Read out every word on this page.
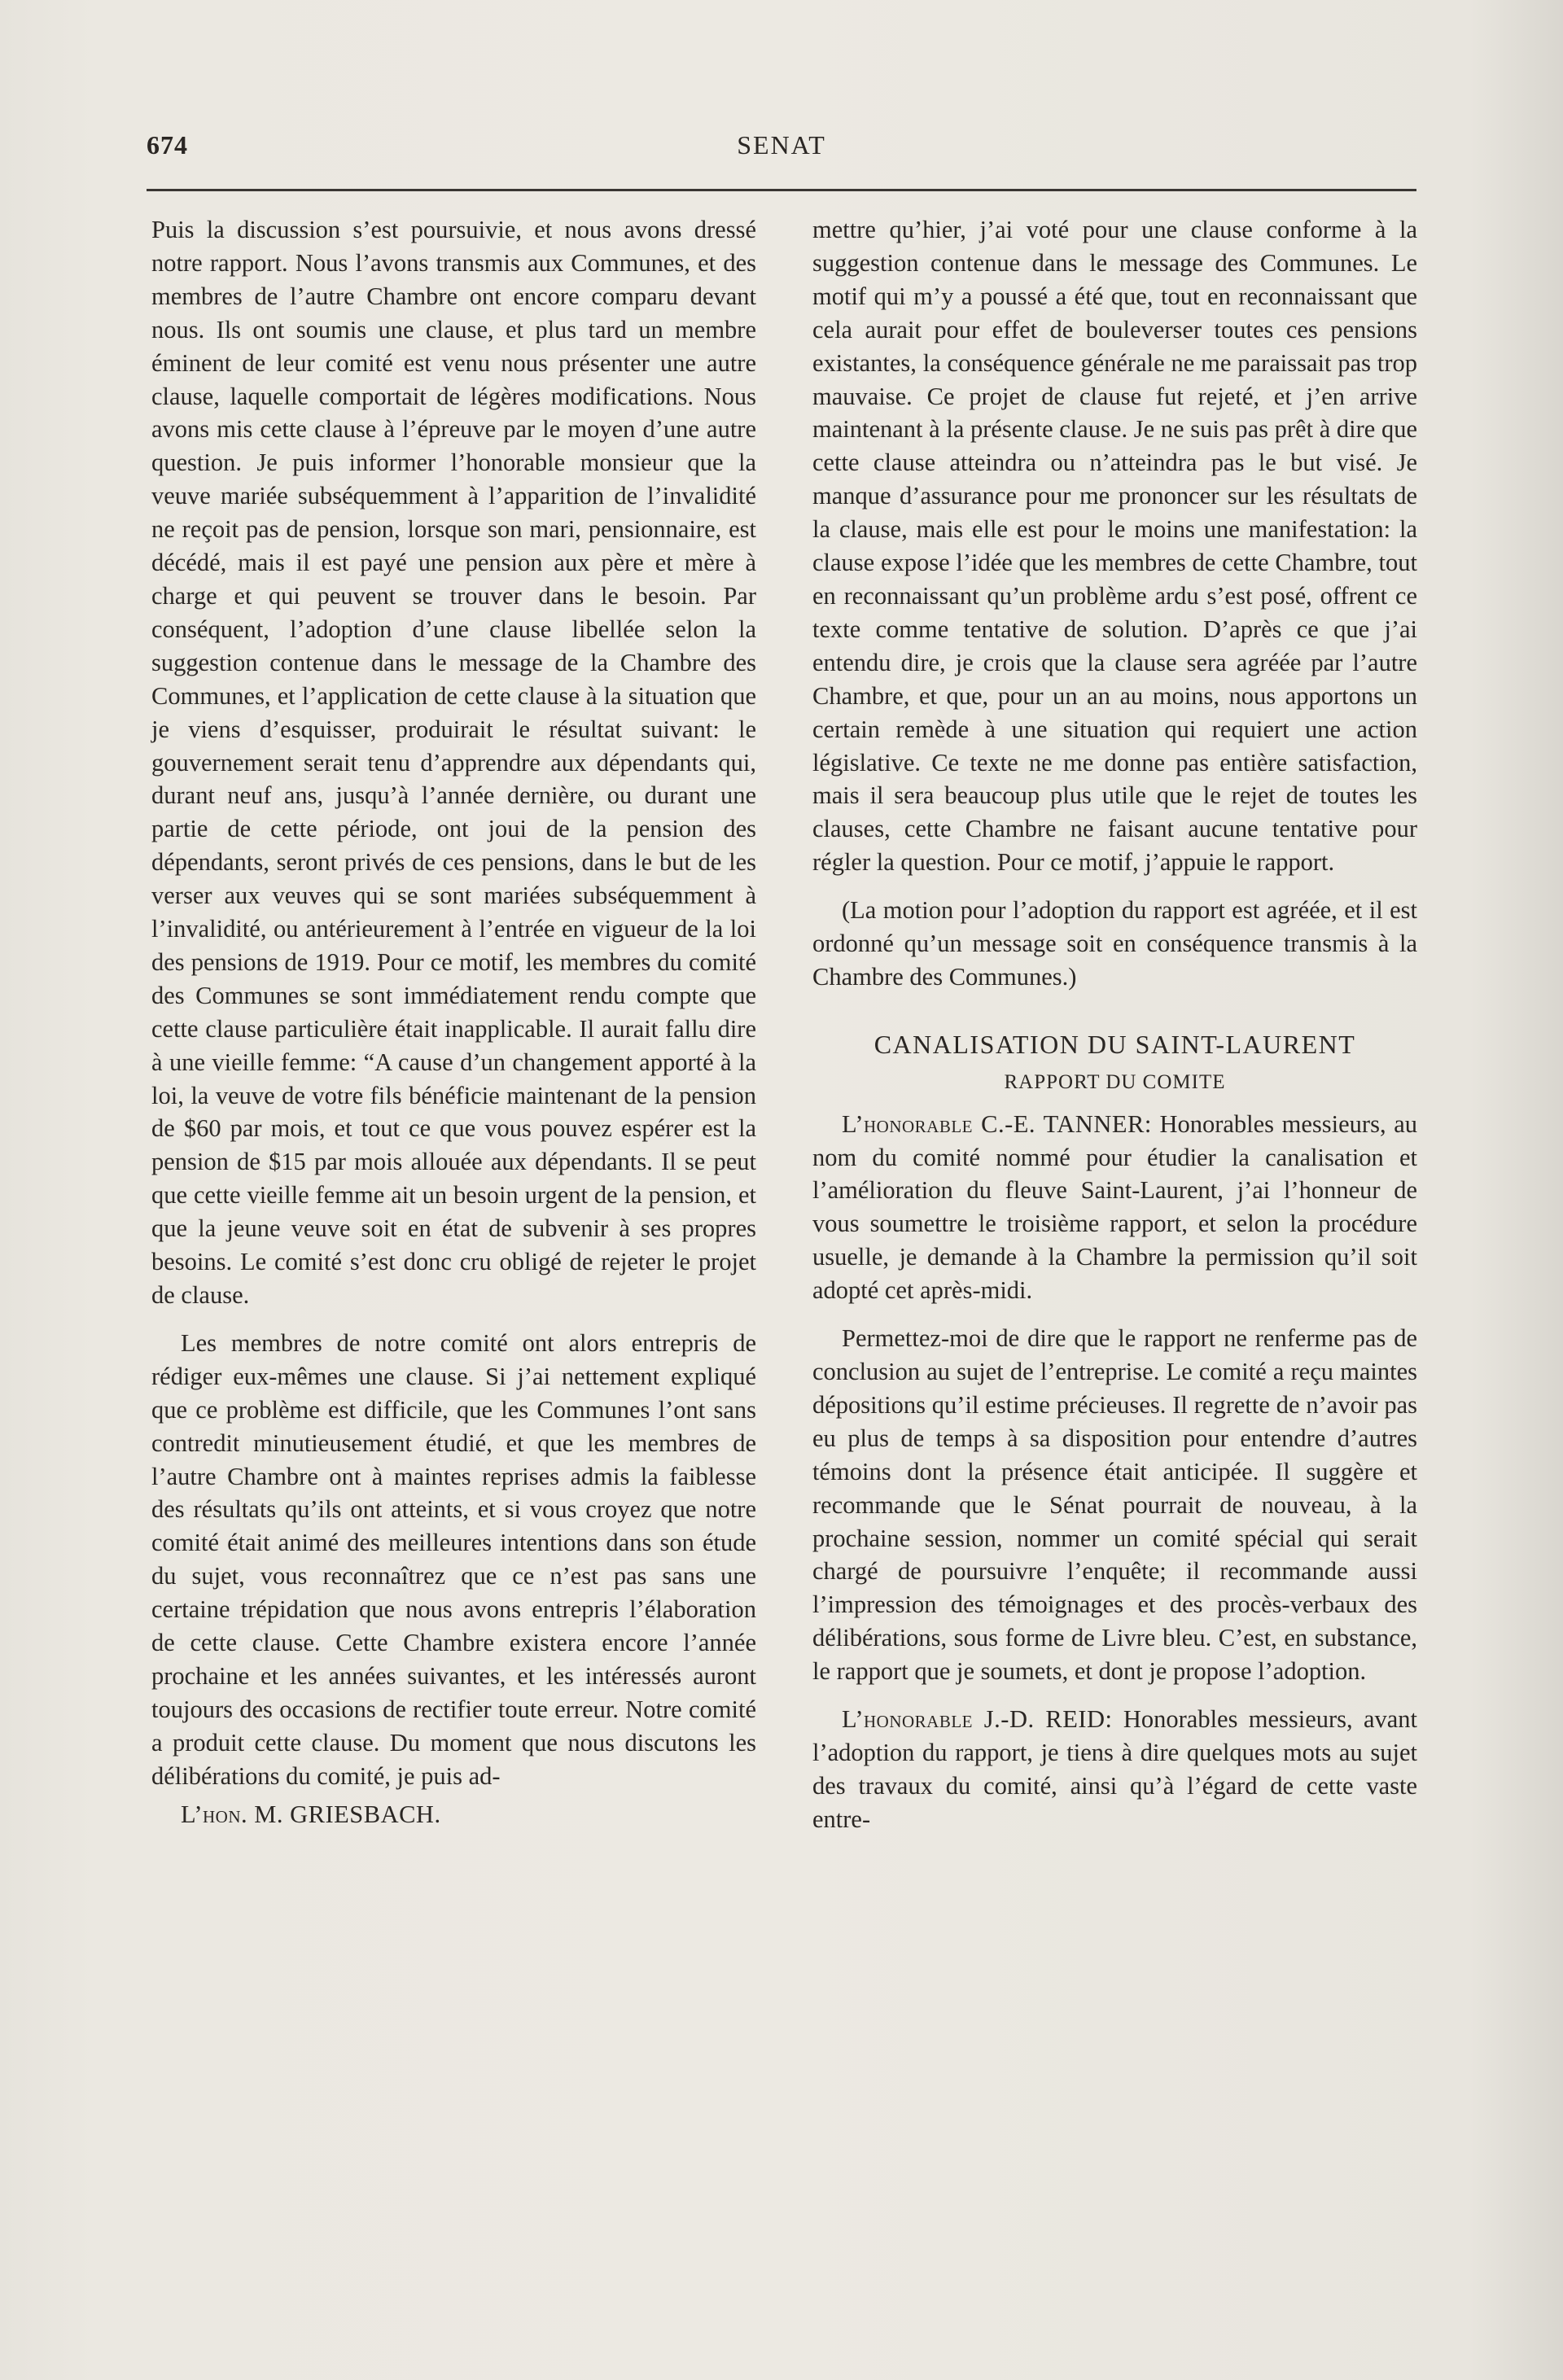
674	SENAT

Puis la discussion s’est poursuivie, et nous avons dressé notre rapport. Nous l’avons transmis aux Communes, et des membres de l’autre Chambre ont encore comparu devant nous. Ils ont soumis une clause, et plus tard un membre éminent de leur comité est venu nous présenter une autre clause, laquelle comportait de légères modifications. Nous avons mis cette clause à l’épreuve par le moyen d’une autre question. Je puis informer l’honorable monsieur que la veuve mariée subséquemment à l’apparition de l’invalidité ne reçoit pas de pension, lorsque son mari, pensionnaire, est décédé, mais il est payé une pension aux père et mère à charge et qui peuvent se trouver dans le besoin. Par conséquent, l’adoption d’une clause libellée selon la suggestion contenue dans le message de la Chambre des Communes, et l’application de cette clause à la situation que je viens d’esquisser, produirait le résultat suivant: le gouvernement serait tenu d’apprendre aux dépendants qui, durant neuf ans, jusqu’à l’année dernière, ou durant une partie de cette période, ont joui de la pension des dépendants, seront privés de ces pensions, dans le but de les verser aux veuves qui se sont mariées subséquemment à l’invalidité, ou antérieurement à l’entrée en vigueur de la loi des pensions de 1919. Pour ce motif, les membres du comité des Communes se sont immédiatement rendu compte que cette clause particulière était inapplicable. Il aurait fallu dire à une vieille femme: “A cause d’un changement apporté à la loi, la veuve de votre fils bénéficie maintenant de la pension de $60 par mois, et tout ce que vous pouvez espérer est la pension de $15 par mois allouée aux dépendants. Il se peut que cette vieille femme ait un besoin urgent de la pension, et que la jeune veuve soit en état de subvenir à ses propres besoins. Le comité s’est donc cru obligé de rejeter le projet de clause.

Les membres de notre comité ont alors entrepris de rédiger eux-mêmes une clause. Si j’ai nettement expliqué que ce problème est difficile, que les Communes l’ont sans contredit minutieusement étudié, et que les membres de l’autre Chambre ont à maintes reprises admis la faiblesse des résultats qu’ils ont atteints, et si vous croyez que notre comité était animé des meilleures intentions dans son étude du sujet, vous reconnaîtrez que ce n’est pas sans une certaine trépidation que nous avons entrepris l’élaboration de cette clause. Cette Chambre existera encore l’année prochaine et les années suivantes, et les intéressés auront toujours des occasions de rectifier toute erreur. Notre comité a produit cette clause. Du moment que nous discutons les délibérations du comité, je puis ad-

L’hon. M. GRIESBACH.

mettre qu’hier, j’ai voté pour une clause conforme à la suggestion contenue dans le message des Communes. Le motif qui m’y a poussé a été que, tout en reconnaissant que cela aurait pour effet de bouleverser toutes ces pensions existantes, la conséquence générale ne me paraissait pas trop mauvaise. Ce projet de clause fut rejeté, et j’en arrive maintenant à la présente clause. Je ne suis pas prêt à dire que cette clause atteindra ou n’atteindra pas le but visé. Je manque d’assurance pour me prononcer sur les résultats de la clause, mais elle est pour le moins une manifestation: la clause expose l’idée que les membres de cette Chambre, tout en reconnaissant qu’un problème ardu s’est posé, offrent ce texte comme tentative de solution. D’après ce que j’ai entendu dire, je crois que la clause sera agréée par l’autre Chambre, et que, pour un an au moins, nous apportons un certain remède à une situation qui requiert une action législative. Ce texte ne me donne pas entière satisfaction, mais il sera beaucoup plus utile que le rejet de toutes les clauses, cette Chambre ne faisant aucune tentative pour régler la question. Pour ce motif, j’appuie le rapport.

(La motion pour l’adoption du rapport est agréée, et il est ordonné qu’un message soit en conséquence transmis à la Chambre des Communes.)

CANALISATION DU SAINT-LAURENT
RAPPORT DU COMITE

L’honorable C.-E. TANNER: Honorables messieurs, au nom du comité nommé pour étudier la canalisation et l’amélioration du fleuve Saint-Laurent, j’ai l’honneur de vous soumettre le troisième rapport, et selon la procédure usuelle, je demande à la Chambre la permission qu’il soit adopté cet après-midi.

Permettez-moi de dire que le rapport ne renferme pas de conclusion au sujet de l’entreprise. Le comité a reçu maintes dépositions qu’il estime précieuses. Il regrette de n’avoir pas eu plus de temps à sa disposition pour entendre d’autres témoins dont la présence était anticipée. Il suggère et recommande que le Sénat pourrait de nouveau, à la prochaine session, nommer un comité spécial qui serait chargé de poursuivre l’enquête; il recommande aussi l’impression des témoignages et des procès-verbaux des délibérations, sous forme de Livre bleu. C’est, en substance, le rapport que je soumets, et dont je propose l’adoption.

L’honorable J.-D. REID: Honorables messieurs, avant l’adoption du rapport, je tiens à dire quelques mots au sujet des travaux du comité, ainsi qu’à l’égard de cette vaste entre-
